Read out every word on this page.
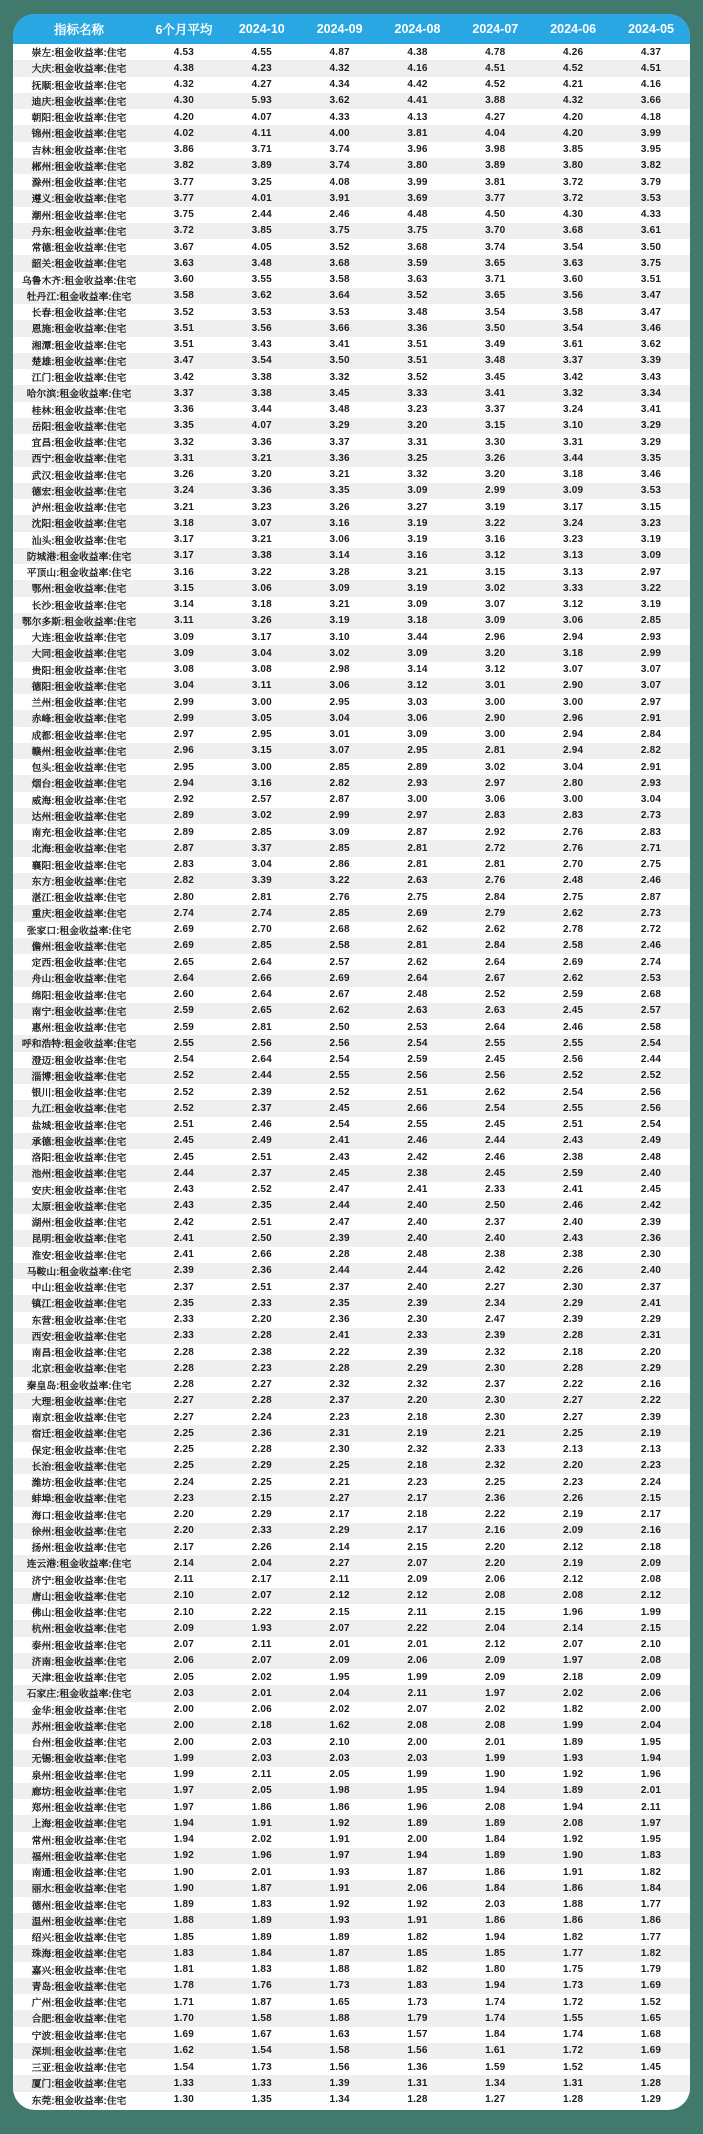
指标名称	6个月平均	2024-10	2024-09	2024-08	2024-07	2024-06	2024-05
崇左:租金收益率:住宅	4.53	4.55	4.87	4.38	4.78	4.26	4.37
大庆:租金收益率:住宅	4.38	4.23	4.32	4.16	4.51	4.52	4.51
抚顺:租金收益率:住宅	4.32	4.27	4.34	4.42	4.52	4.21	4.16
迪庆:租金收益率:住宅	4.30	5.93	3.62	4.41	3.88	4.32	3.66
朝阳:租金收益率:住宅	4.20	4.07	4.33	4.13	4.27	4.20	4.18
锦州:租金收益率:住宅	4.02	4.11	4.00	3.81	4.04	4.20	3.99
吉林:租金收益率:住宅	3.86	3.71	3.74	3.96	3.98	3.85	3.95
郴州:租金收益率:住宅	3.82	3.89	3.74	3.80	3.89	3.80	3.82
滁州:租金收益率:住宅	3.77	3.25	4.08	3.99	3.81	3.72	3.79
遵义:租金收益率:住宅	3.77	4.01	3.91	3.69	3.77	3.72	3.53
潮州:租金收益率:住宅	3.75	2.44	2.46	4.48	4.50	4.30	4.33
丹东:租金收益率:住宅	3.72	3.85	3.75	3.75	3.70	3.68	3.61
常德:租金收益率:住宅	3.67	4.05	3.52	3.68	3.74	3.54	3.50
韶关:租金收益率:住宅	3.63	3.48	3.68	3.59	3.65	3.63	3.75
乌鲁木齐:租金收益率:住宅	3.60	3.55	3.58	3.63	3.71	3.60	3.51
牡丹江:租金收益率:住宅	3.58	3.62	3.64	3.52	3.65	3.56	3.47
长春:租金收益率:住宅	3.52	3.53	3.53	3.48	3.54	3.58	3.47
恩施:租金收益率:住宅	3.51	3.56	3.66	3.36	3.50	3.54	3.46
湘潭:租金收益率:住宅	3.51	3.43	3.41	3.51	3.49	3.61	3.62
楚雄:租金收益率:住宅	3.47	3.54	3.50	3.51	3.48	3.37	3.39
江门:租金收益率:住宅	3.42	3.38	3.32	3.52	3.45	3.42	3.43
哈尔滨:租金收益率:住宅	3.37	3.38	3.45	3.33	3.41	3.32	3.34
桂林:租金收益率:住宅	3.36	3.44	3.48	3.23	3.37	3.24	3.41
岳阳:租金收益率:住宅	3.35	4.07	3.29	3.20	3.15	3.10	3.29
宜昌:租金收益率:住宅	3.32	3.36	3.37	3.31	3.30	3.31	3.29
西宁:租金收益率:住宅	3.31	3.21	3.36	3.25	3.26	3.44	3.35
武汉:租金收益率:住宅	3.26	3.20	3.21	3.32	3.20	3.18	3.46
德宏:租金收益率:住宅	3.24	3.36	3.35	3.09	2.99	3.09	3.53
泸州:租金收益率:住宅	3.21	3.23	3.26	3.27	3.19	3.17	3.15
沈阳:租金收益率:住宅	3.18	3.07	3.16	3.19	3.22	3.24	3.23
汕头:租金收益率:住宅	3.17	3.21	3.06	3.19	3.16	3.23	3.19
防城港:租金收益率:住宅	3.17	3.38	3.14	3.16	3.12	3.13	3.09
平顶山:租金收益率:住宅	3.16	3.22	3.28	3.21	3.15	3.13	2.97
鄂州:租金收益率:住宅	3.15	3.06	3.09	3.19	3.02	3.33	3.22
长沙:租金收益率:住宅	3.14	3.18	3.21	3.09	3.07	3.12	3.19
鄂尔多斯:租金收益率:住宅	3.11	3.26	3.19	3.18	3.09	3.06	2.85
大连:租金收益率:住宅	3.09	3.17	3.10	3.44	2.96	2.94	2.93
大同:租金收益率:住宅	3.09	3.04	3.02	3.09	3.20	3.18	2.99
贵阳:租金收益率:住宅	3.08	3.08	2.98	3.14	3.12	3.07	3.07
德阳:租金收益率:住宅	3.04	3.11	3.06	3.12	3.01	2.90	3.07
兰州:租金收益率:住宅	2.99	3.00	2.95	3.03	3.00	3.00	2.97
赤峰:租金收益率:住宅	2.99	3.05	3.04	3.06	2.90	2.96	2.91
成都:租金收益率:住宅	2.97	2.95	3.01	3.09	3.00	2.94	2.84
赣州:租金收益率:住宅	2.96	3.15	3.07	2.95	2.81	2.94	2.82
包头:租金收益率:住宅	2.95	3.00	2.85	2.89	3.02	3.04	2.91
烟台:租金收益率:住宅	2.94	3.16	2.82	2.93	2.97	2.80	2.93
威海:租金收益率:住宅	2.92	2.57	2.87	3.00	3.06	3.00	3.04
达州:租金收益率:住宅	2.89	3.02	2.99	2.97	2.83	2.83	2.73
南充:租金收益率:住宅	2.89	2.85	3.09	2.87	2.92	2.76	2.83
北海:租金收益率:住宅	2.87	3.37	2.85	2.81	2.72	2.76	2.71
襄阳:租金收益率:住宅	2.83	3.04	2.86	2.81	2.81	2.70	2.75
东方:租金收益率:住宅	2.82	3.39	3.22	2.63	2.76	2.48	2.46
湛江:租金收益率:住宅	2.80	2.81	2.76	2.75	2.84	2.75	2.87
重庆:租金收益率:住宅	2.74	2.74	2.85	2.69	2.79	2.62	2.73
张家口:租金收益率:住宅	2.69	2.70	2.68	2.62	2.62	2.78	2.72
儋州:租金收益率:住宅	2.69	2.85	2.58	2.81	2.84	2.58	2.46
定西:租金收益率:住宅	2.65	2.64	2.57	2.62	2.64	2.69	2.74
舟山:租金收益率:住宅	2.64	2.66	2.69	2.64	2.67	2.62	2.53
绵阳:租金收益率:住宅	2.60	2.64	2.67	2.48	2.52	2.59	2.68
南宁:租金收益率:住宅	2.59	2.65	2.62	2.63	2.63	2.45	2.57
惠州:租金收益率:住宅	2.59	2.81	2.50	2.53	2.64	2.46	2.58
呼和浩特:租金收益率:住宅	2.55	2.56	2.56	2.54	2.55	2.55	2.54
澄迈:租金收益率:住宅	2.54	2.64	2.54	2.59	2.45	2.56	2.44
淄博:租金收益率:住宅	2.52	2.44	2.55	2.56	2.56	2.52	2.52
银川:租金收益率:住宅	2.52	2.39	2.52	2.51	2.62	2.54	2.56
九江:租金收益率:住宅	2.52	2.37	2.45	2.66	2.54	2.55	2.56
盐城:租金收益率:住宅	2.51	2.46	2.54	2.55	2.45	2.51	2.54
承德:租金收益率:住宅	2.45	2.49	2.41	2.46	2.44	2.43	2.49
洛阳:租金收益率:住宅	2.45	2.51	2.43	2.42	2.46	2.38	2.48
池州:租金收益率:住宅	2.44	2.37	2.45	2.38	2.45	2.59	2.40
安庆:租金收益率:住宅	2.43	2.52	2.47	2.41	2.33	2.41	2.45
太原:租金收益率:住宅	2.43	2.35	2.44	2.40	2.50	2.46	2.42
湖州:租金收益率:住宅	2.42	2.51	2.47	2.40	2.37	2.40	2.39
昆明:租金收益率:住宅	2.41	2.50	2.39	2.40	2.40	2.43	2.36
淮安:租金收益率:住宅	2.41	2.66	2.28	2.48	2.38	2.38	2.30
马鞍山:租金收益率:住宅	2.39	2.36	2.44	2.44	2.42	2.26	2.40
中山:租金收益率:住宅	2.37	2.51	2.37	2.40	2.27	2.30	2.37
镇江:租金收益率:住宅	2.35	2.33	2.35	2.39	2.34	2.29	2.41
东营:租金收益率:住宅	2.33	2.20	2.36	2.30	2.47	2.39	2.29
西安:租金收益率:住宅	2.33	2.28	2.41	2.33	2.39	2.28	2.31
南昌:租金收益率:住宅	2.28	2.38	2.22	2.39	2.32	2.18	2.20
北京:租金收益率:住宅	2.28	2.23	2.28	2.29	2.30	2.28	2.29
秦皇岛:租金收益率:住宅	2.28	2.27	2.32	2.32	2.37	2.22	2.16
大理:租金收益率:住宅	2.27	2.28	2.37	2.20	2.30	2.27	2.22
南京:租金收益率:住宅	2.27	2.24	2.23	2.18	2.30	2.27	2.39
宿迁:租金收益率:住宅	2.25	2.36	2.31	2.19	2.21	2.25	2.19
保定:租金收益率:住宅	2.25	2.28	2.30	2.32	2.33	2.13	2.13
长治:租金收益率:住宅	2.25	2.29	2.25	2.18	2.32	2.20	2.23
潍坊:租金收益率:住宅	2.24	2.25	2.21	2.23	2.25	2.23	2.24
蚌埠:租金收益率:住宅	2.23	2.15	2.27	2.17	2.36	2.26	2.15
海口:租金收益率:住宅	2.20	2.29	2.17	2.18	2.22	2.19	2.17
徐州:租金收益率:住宅	2.20	2.33	2.29	2.17	2.16	2.09	2.16
扬州:租金收益率:住宅	2.17	2.26	2.14	2.15	2.20	2.12	2.18
连云港:租金收益率:住宅	2.14	2.04	2.27	2.07	2.20	2.19	2.09
济宁:租金收益率:住宅	2.11	2.17	2.11	2.09	2.06	2.12	2.08
唐山:租金收益率:住宅	2.10	2.07	2.12	2.12	2.08	2.08	2.12
佛山:租金收益率:住宅	2.10	2.22	2.15	2.11	2.15	1.96	1.99
杭州:租金收益率:住宅	2.09	1.93	2.07	2.22	2.04	2.14	2.15
泰州:租金收益率:住宅	2.07	2.11	2.01	2.01	2.12	2.07	2.10
济南:租金收益率:住宅	2.06	2.07	2.09	2.06	2.09	1.97	2.08
天津:租金收益率:住宅	2.05	2.02	1.95	1.99	2.09	2.18	2.09
石家庄:租金收益率:住宅	2.03	2.01	2.04	2.11	1.97	2.02	2.06
金华:租金收益率:住宅	2.00	2.06	2.02	2.07	2.02	1.82	2.00
苏州:租金收益率:住宅	2.00	2.18	1.62	2.08	2.08	1.99	2.04
台州:租金收益率:住宅	2.00	2.03	2.10	2.00	2.01	1.89	1.95
无锡:租金收益率:住宅	1.99	2.03	2.03	2.03	1.99	1.93	1.94
泉州:租金收益率:住宅	1.99	2.11	2.05	1.99	1.90	1.92	1.96
廊坊:租金收益率:住宅	1.97	2.05	1.98	1.95	1.94	1.89	2.01
郑州:租金收益率:住宅	1.97	1.86	1.86	1.96	2.08	1.94	2.11
上海:租金收益率:住宅	1.94	1.91	1.92	1.89	1.89	2.08	1.97
常州:租金收益率:住宅	1.94	2.02	1.91	2.00	1.84	1.92	1.95
福州:租金收益率:住宅	1.92	1.96	1.97	1.94	1.89	1.90	1.83
南通:租金收益率:住宅	1.90	2.01	1.93	1.87	1.86	1.91	1.82
丽水:租金收益率:住宅	1.90	1.87	1.91	2.06	1.84	1.86	1.84
德州:租金收益率:住宅	1.89	1.83	1.92	1.92	2.03	1.88	1.77
温州:租金收益率:住宅	1.88	1.89	1.93	1.91	1.86	1.86	1.86
绍兴:租金收益率:住宅	1.85	1.89	1.89	1.82	1.94	1.82	1.77
珠海:租金收益率:住宅	1.83	1.84	1.87	1.85	1.85	1.77	1.82
嘉兴:租金收益率:住宅	1.81	1.83	1.88	1.82	1.80	1.75	1.79
青岛:租金收益率:住宅	1.78	1.76	1.73	1.83	1.94	1.73	1.69
广州:租金收益率:住宅	1.71	1.87	1.65	1.73	1.74	1.72	1.52
合肥:租金收益率:住宅	1.70	1.58	1.88	1.79	1.74	1.55	1.65
宁波:租金收益率:住宅	1.69	1.67	1.63	1.57	1.84	1.74	1.68
深圳:租金收益率:住宅	1.62	1.54	1.58	1.56	1.61	1.72	1.69
三亚:租金收益率:住宅	1.54	1.73	1.56	1.36	1.59	1.52	1.45
厦门:租金收益率:住宅	1.33	1.33	1.39	1.31	1.34	1.31	1.28
东莞:租金收益率:住宅	1.30	1.35	1.34	1.28	1.27	1.28	1.29
